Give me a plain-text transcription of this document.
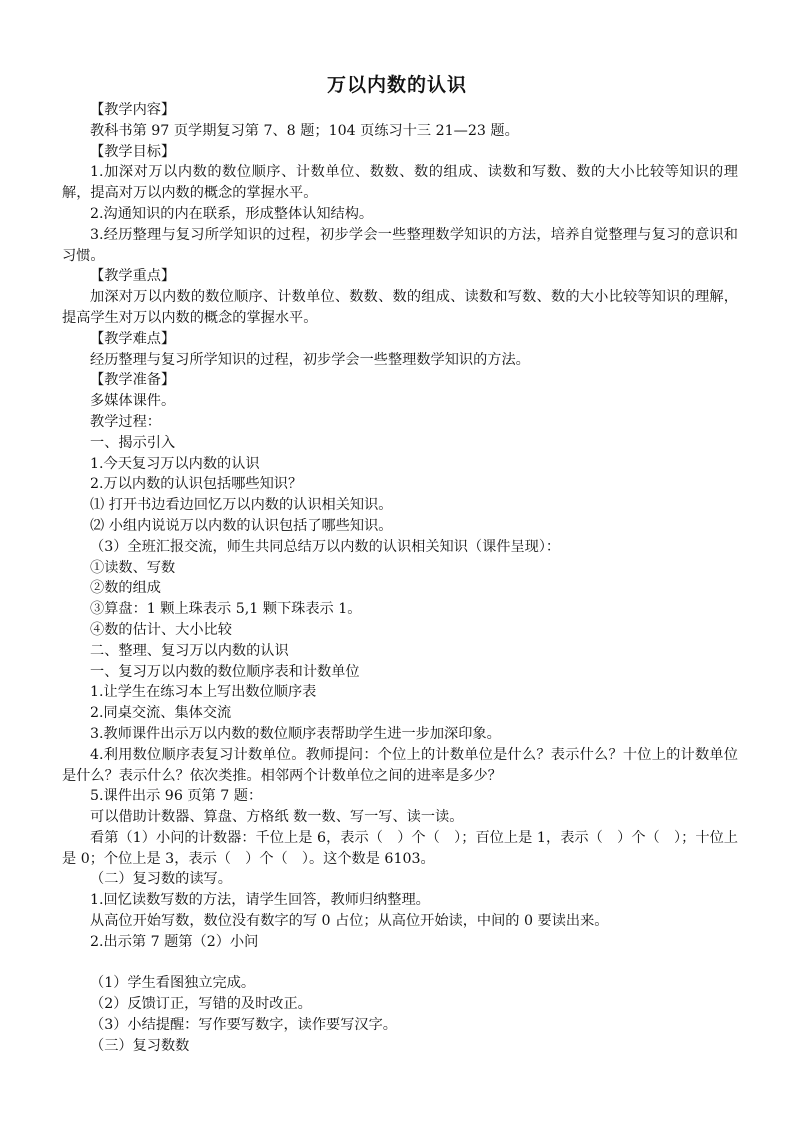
万以内数的认识
【教学内容】
教科书第 97 页学期复习第 7、8 题；104 页练习十三 21—23 题。
【教学目标】
1.加深对万以内数的数位顺序、计数单位、数数、数的组成、读数和写数、数的大小比较等知识的理解，提高对万以内数的概念的掌握水平。
2.沟通知识的内在联系，形成整体认知结构。
3.经历整理与复习所学知识的过程，初步学会一些整理数学知识的方法，培养自觉整理与复习的意识和习惯。
【教学重点】
加深对万以内数的数位顺序、计数单位、数数、数的组成、读数和写数、数的大小比较等知识的理解，提高学生对万以内数的概念的掌握水平。
【教学难点】
经历整理与复习所学知识的过程，初步学会一些整理数学知识的方法。
【教学准备】
多媒体课件。
教学过程：
一、揭示引入
1.今天复习万以内数的认识
2.万以内数的认识包括哪些知识？
⑴ 打开书边看边回忆万以内数的认识相关知识。
⑵ 小组内说说万以内数的认识包括了哪些知识。
（3）全班汇报交流，师生共同总结万以内数的认识相关知识（课件呈现）：
①读数、写数
②数的组成
③算盘：1 颗上珠表示 5,1 颗下珠表示 1。
④数的估计、大小比较
二、整理、复习万以内数的认识
一、复习万以内数的数位顺序表和计数单位
1.让学生在练习本上写出数位顺序表
2.同桌交流、集体交流
3.教师课件出示万以内数的数位顺序表帮助学生进一步加深印象。
4.利用数位顺序表复习计数单位。教师提问：个位上的计数单位是什么？表示什么？十位上的计数单位是什么？表示什么？依次类推。相邻两个计数单位之间的进率是多少？
5.课件出示 96 页第 7 题：
可以借助计数器、算盘、方格纸 数一数、写一写、读一读。
看第（1）小问的计数器：千位上是 6，表示（　）个（　）；百位上是 1，表示（　）个（　）；十位上是 0；个位上是 3，表示（　）个（　）。这个数是 6103。
（二）复习数的读写。
1.回忆读数写数的方法，请学生回答，教师归纳整理。
从高位开始写数，数位没有数字的写 0 占位；从高位开始读，中间的 0 要读出来。
2.出示第 7 题第（2）小问
（1）学生看图独立完成。
（2）反馈订正，写错的及时改正。
（3）小结提醒：写作要写数字，读作要写汉字。
（三）复习数数
